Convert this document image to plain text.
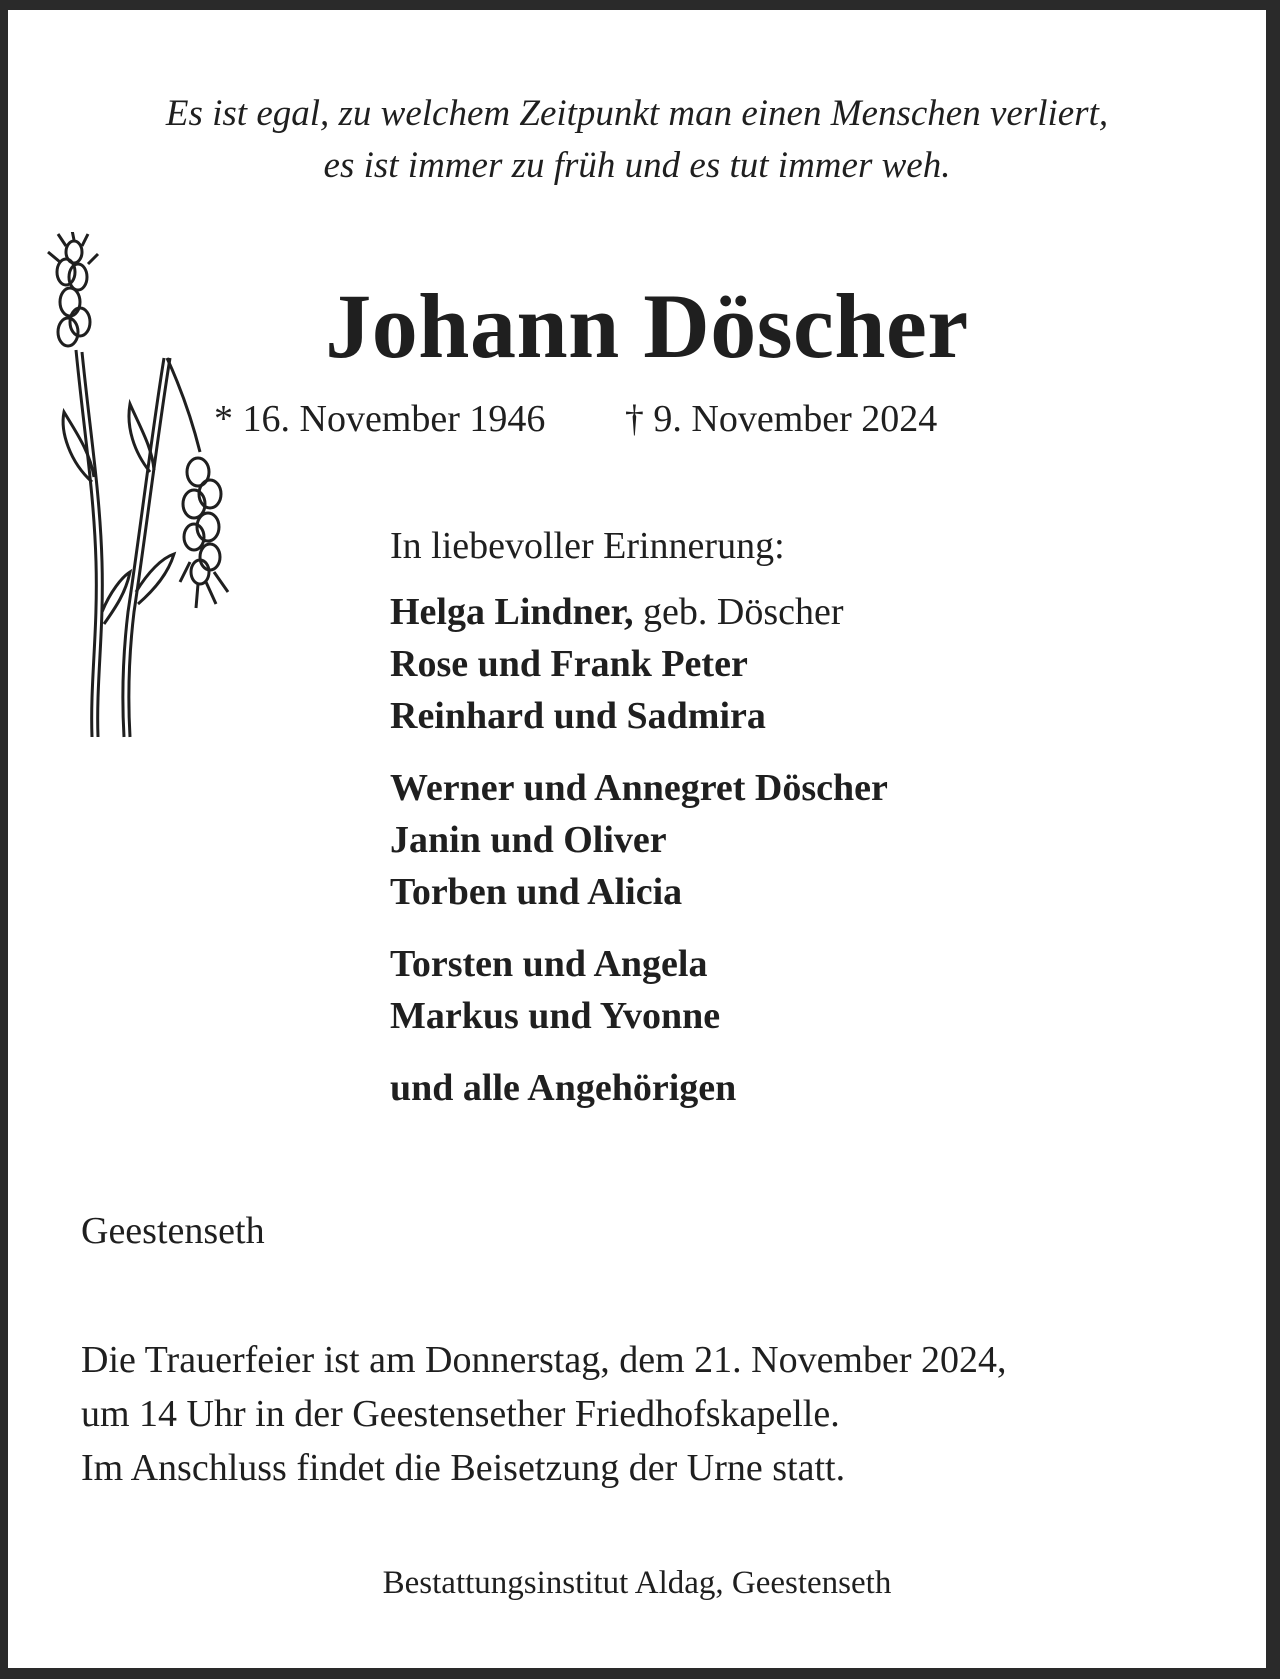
Es ist egal, zu welchem Zeitpunkt man einen Menschen verliert,
es ist immer zu früh und es tut immer weh.
Johann Döscher
* 16. November 1946 † 9. November 2024
In liebevoller Erinnerung:
Helga Lindner, geb. Döscher
Rose und Frank Peter
Reinhard und Sadmira
Werner und Annegret Döscher
Janin und Oliver
Torben und Alicia
Torsten und Angela
Markus und Yvonne
und alle Angehörigen
Geestenseth
Die Trauerfeier ist am Donnerstag, dem 21. November 2024,
um 14 Uhr in der Geestensether Friedhofskapelle.
Im Anschluss findet die Beisetzung der Urne statt.
Bestattungsinstitut Aldag, Geestenseth
